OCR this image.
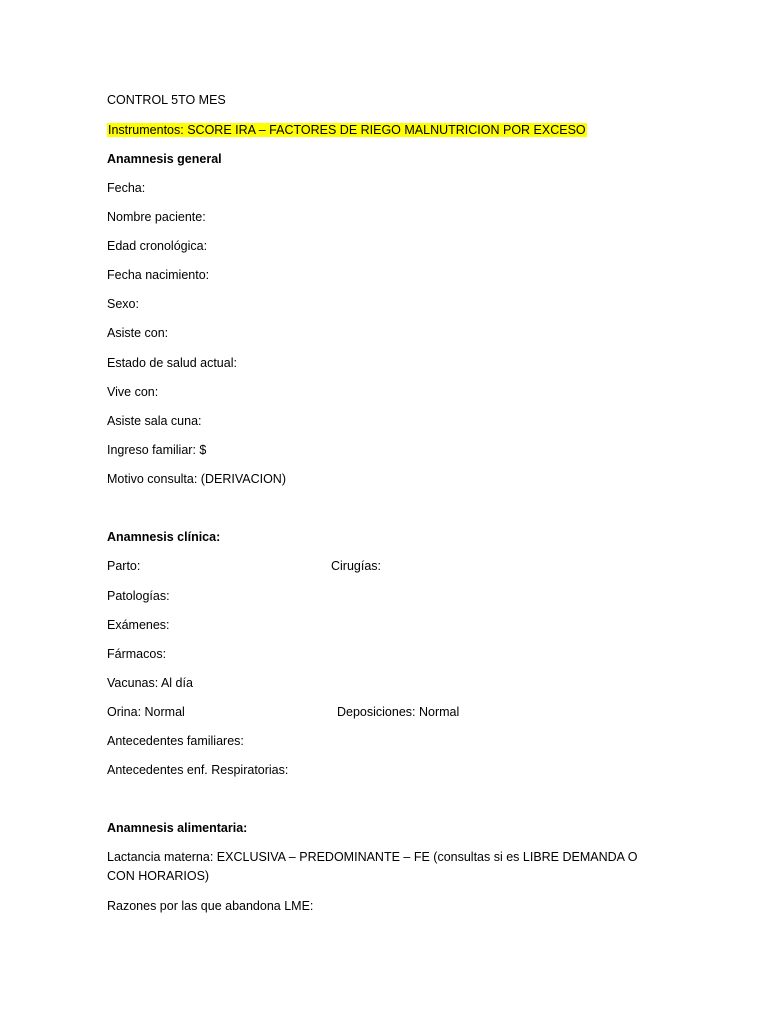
CONTROL 5TO MES
Instrumentos: SCORE IRA – FACTORES DE RIEGO MALNUTRICION POR EXCESO
Anamnesis general
Fecha:
Nombre paciente:
Edad cronológica:
Fecha nacimiento:
Sexo:
Asiste con:
Estado de salud actual:
Vive con:
Asiste sala cuna:
Ingreso familiar: $
Motivo consulta: (DERIVACION)
Anamnesis clínica:
Parto:	Cirugías:
Patologías:
Exámenes:
Fármacos:
Vacunas: Al día
Orina: Normal	Deposiciones: Normal
Antecedentes familiares:
Antecedentes enf. Respiratorias:
Anamnesis alimentaria:
Lactancia materna: EXCLUSIVA – PREDOMINANTE – FE (consultas si es LIBRE DEMANDA O CON HORARIOS)
Razones por las que abandona LME:
